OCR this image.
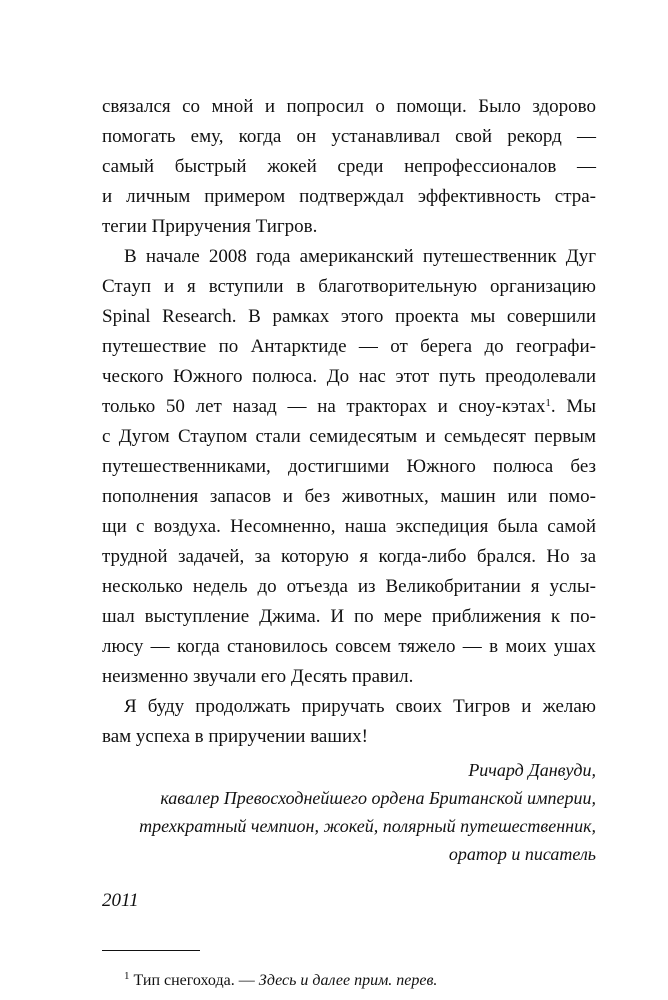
связался со мной и попросил о помощи. Было здорово
помогать ему, когда он устанавливал свой рекорд —
самый быстрый жокей среди непрофессионалов —
и личным примером подтверждал эффективность стра-
тегии Приручения Тигров.
В начале 2008 года американский путешественник Дуг
Стаyп и я вступили в благотворительную организацию
Spinal Research. В рамках этого проекта мы совершили
путешествие по Антарктиде — от берега до географи-
ческого Южного полюса. До нас этот путь преодолевали
только 50 лет назад — на тракторах и сноу-кэтах$^1$. Мы
с Дугом Стаупом стали семидесятым и семьдесят первым
путешественниками, достигшими Южного полюса без
пополнения запасов и без животных, машин или помо-
щи с воздуха. Несомненно, наша экспедиция была самой
трудной задачей, за которую я когда-либо брался. Но за
несколько недель до отъезда из Великобритании я услы-
шал выступление Джима. И по мере приближения к по-
люсу — когда становилось совсем тяжело — в моих ушах
неизменно звучали его Десять правил.
Я буду продолжать приручать своих Тигров и желаю
вам успеха в приручении ваших!
Ричард Данвуди,
кавалер Превосходнейшего ордена Британской империи,
трехкратный чемпион, жокей, полярный путешественник,
оратор и писатель
2011
$^1$ Тип снегохода. — Здесь и далее прим. перев.
